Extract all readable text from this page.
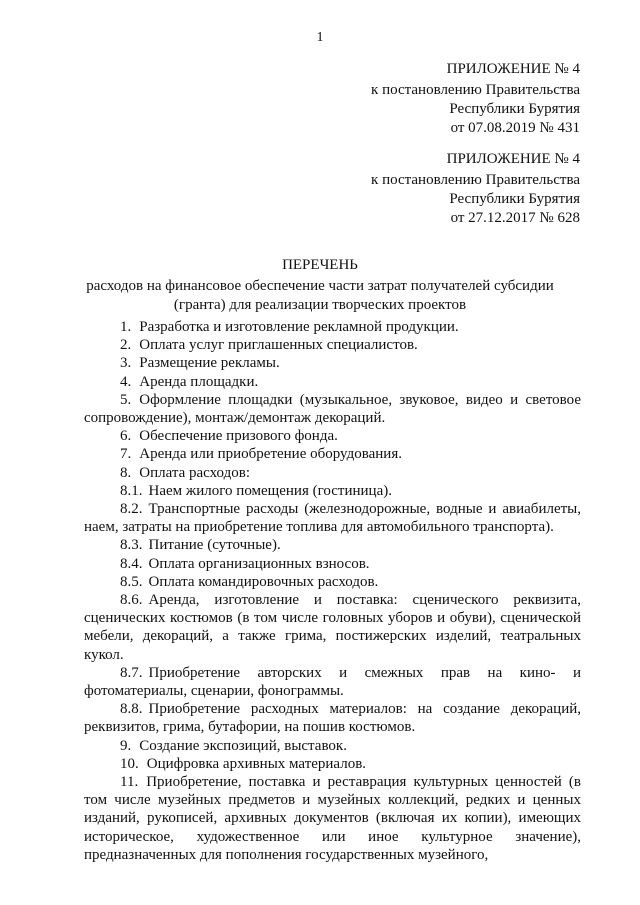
1
ПРИЛОЖЕНИЕ № 4
к постановлению Правительства
Республики Бурятия
от 07.08.2019 № 431
ПРИЛОЖЕНИЕ № 4
к постановлению Правительства
Республики Бурятия
от 27.12.2017 № 628
ПЕРЕЧЕНЬ
расходов на финансовое обеспечение части затрат получателей субсидии
(гранта) для реализации творческих проектов
1. Разработка и изготовление рекламной продукции.
2. Оплата услуг приглашенных специалистов.
3. Размещение рекламы.
4. Аренда площадки.
5. Оформление площадки (музыкальное, звуковое, видео и световое сопровождение), монтаж/демонтаж декораций.
6. Обеспечение призового фонда.
7. Аренда или приобретение оборудования.
8. Оплата расходов:
8.1. Наем жилого помещения (гостиница).
8.2. Транспортные расходы (железнодорожные, водные и авиабилеты, наем, затраты на приобретение топлива для автомобильного транспорта).
8.3. Питание (суточные).
8.4. Оплата организационных взносов.
8.5. Оплата командировочных расходов.
8.6. Аренда, изготовление и поставка: сценического реквизита, сценических костюмов (в том числе головных уборов и обуви), сценической мебели, декораций, а также грима, постижерских изделий, театральных кукол.
8.7. Приобретение авторских и смежных прав на кино- и фотоматериалы, сценарии, фонограммы.
8.8. Приобретение расходных материалов: на создание декораций, реквизитов, грима, бутафории, на пошив костюмов.
9. Создание экспозиций, выставок.
10. Оцифровка архивных материалов.
11. Приобретение, поставка и реставрация культурных ценностей (в том числе музейных предметов и музейных коллекций, редких и ценных изданий, рукописей, архивных документов (включая их копии), имеющих историческое, художественное или иное культурное значение), предназначенных для пополнения государственных музейного,
